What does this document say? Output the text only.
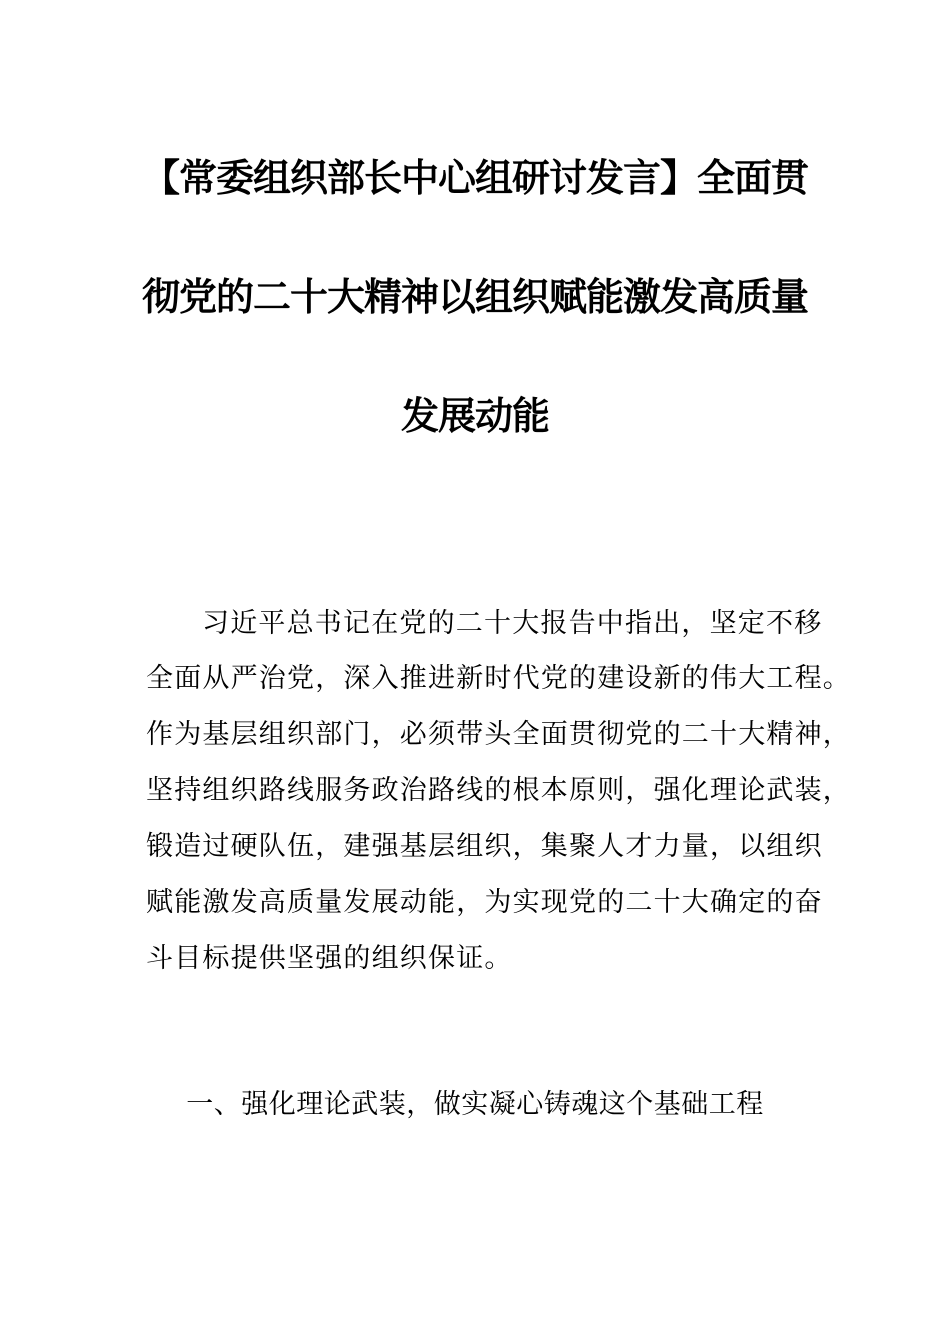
【常委组织部长中心组研讨发言】全面贯
彻党的二十大精神以组织赋能激发高质量
发展动能
习近平总书记在党的二十大报告中指出，坚定不移
全面从严治党，深入推进新时代党的建设新的伟大工程。
作为基层组织部门，必须带头全面贯彻党的二十大精神，
坚持组织路线服务政治路线的根本原则，强化理论武装，
锻造过硬队伍，建强基层组织，集聚人才力量，以组织
赋能激发高质量发展动能，为实现党的二十大确定的奋
斗目标提供坚强的组织保证。
一、强化理论武装，做实凝心铸魂这个基础工程
